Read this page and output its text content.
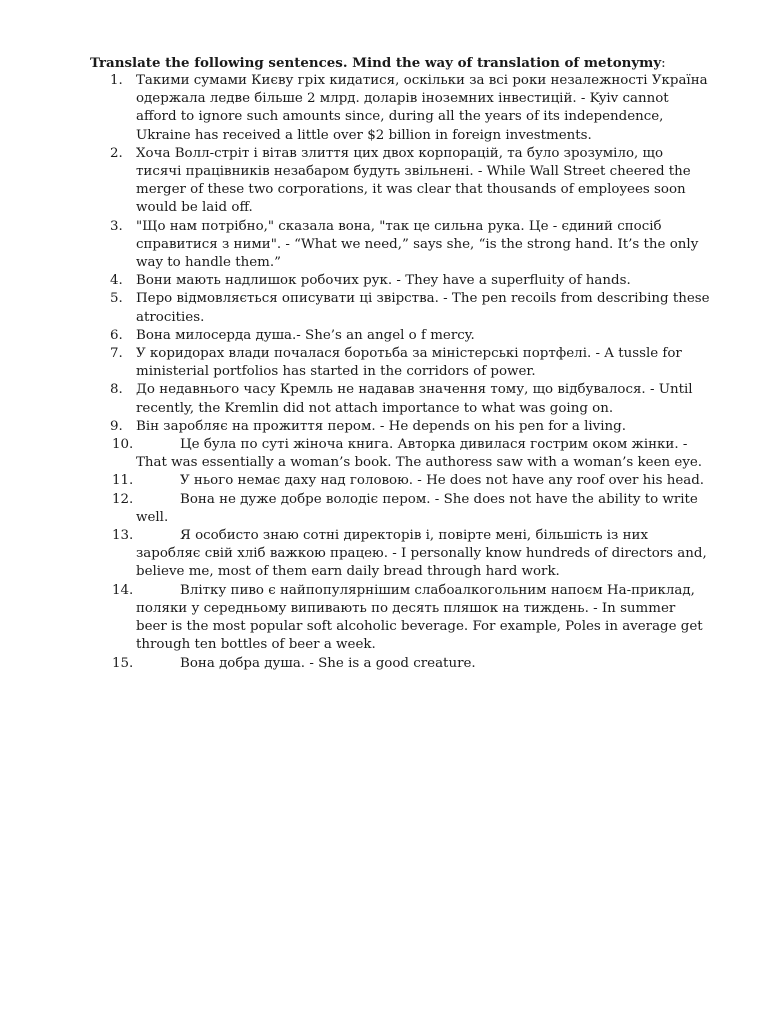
Translate the following sentences. Mind the way of translation of metonymy:
1. Такими сумами Києву гріх кидатися, оскільки за всі роки незалежності Україна одержала ледве більше 2 млрд. доларів іноземних інвестицій. - Kyiv cannot afford to ignore such amounts since, during all the years of its independence, Ukraine has received a little over $2 billion in foreign investments.
2. Хоча Волл-стріт і вітав злиття цих двох корпорацій, та було зрозуміло, що тисячі працівників незабаром будуть звільнені. - While Wall Street cheered the merger of these two corporations, it was clear that thousands of employees soon would be laid off.
3. "Що нам потрібно," сказала вона, "так це сильна рука. Це - єдиний спосіб справитися з ними". - “What we need,” says she, “is the strong hand. It’s the only way to handle them.”
4. Вони мають надлишок робочих рук. - They have a superfluity of hands.
5. Перо відмовляється описувати ці звірства. - The pen recoils from describing these atrocities.
6. Вона милосерда душа.- She’s an angel o f mercy.
7. У коридорах влади почалася боротьба за міністерські портфелі. - A tussle for ministerial portfolios has started in the corridors of power.
8. До недавнього часу Кремль не надавав значення тому, що відбувалося. - Until recently, the Kremlin did not attach importance to what was going on.
9. Він заробляє на прожиття пером. - He depends on his pen for a living.
10.	Це була по суті жіноча книга. Авторка дивилася гострим оком жінки. - That was essentially a woman’s book. The authoress saw with a woman’s keen eye.
11.	У нього немає даху над головою. - He does not have any roof over his head.
12.	Вона не дуже добре володіє пером. - She does not have the ability to write well.
13.	Я особисто знаю сотні директорів і, повірте мені, більшість із них заробляє свій хліб важкою працею. - I personally know hundreds of directors and, believe me, most of them earn daily bread through hard work.
14.	Влітку пиво є найпопулярнішим слабоалкогольним напоєм На-приклад, поляки у середньому випивають по десять пляшок на тиждень. - In summer beer is the most popular soft alcoholic beverage. For example, Poles in average get through ten bottles of beer a week.
15.	Вона добра душа. - She is a good creature.
